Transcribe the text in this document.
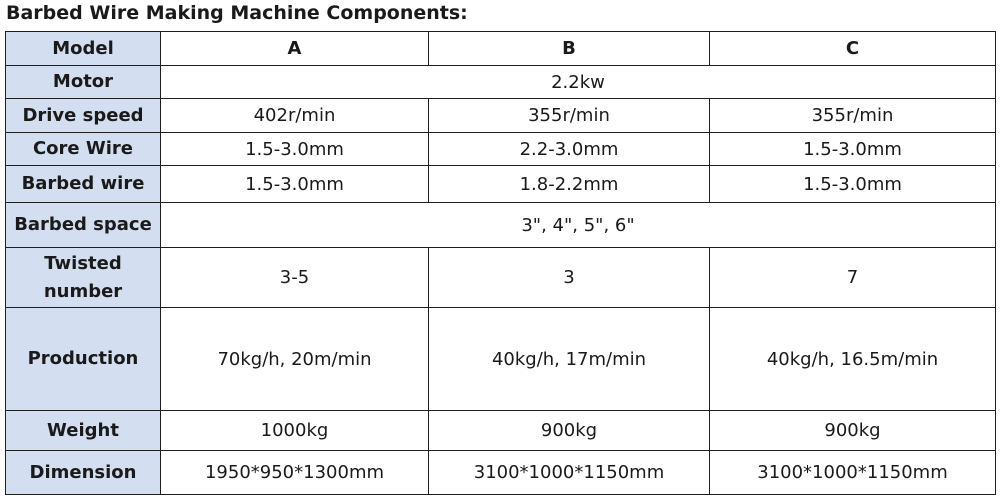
Barbed Wire Making Machine Components:
Model	A	B	C
Motor	2.2kw		
Drive speed	402r/min	355r/min	355r/min
Core Wire	1.5-3.0mm	2.2-3.0mm	1.5-3.0mm
Barbed wire	1.5-3.0mm	1.8-2.2mm	1.5-3.0mm
Barbed space	3", 4", 5", 6"		

Twisted
number	3-5	3	7
Production	70kg/h, 20m/min	40kg/h, 17m/min	40kg/h, 16.5m/min
Weight	1000kg	900kg	900kg
Dimension	1950*950*1300mm	3100*1000*1150mm	3100*1000*1150mm
